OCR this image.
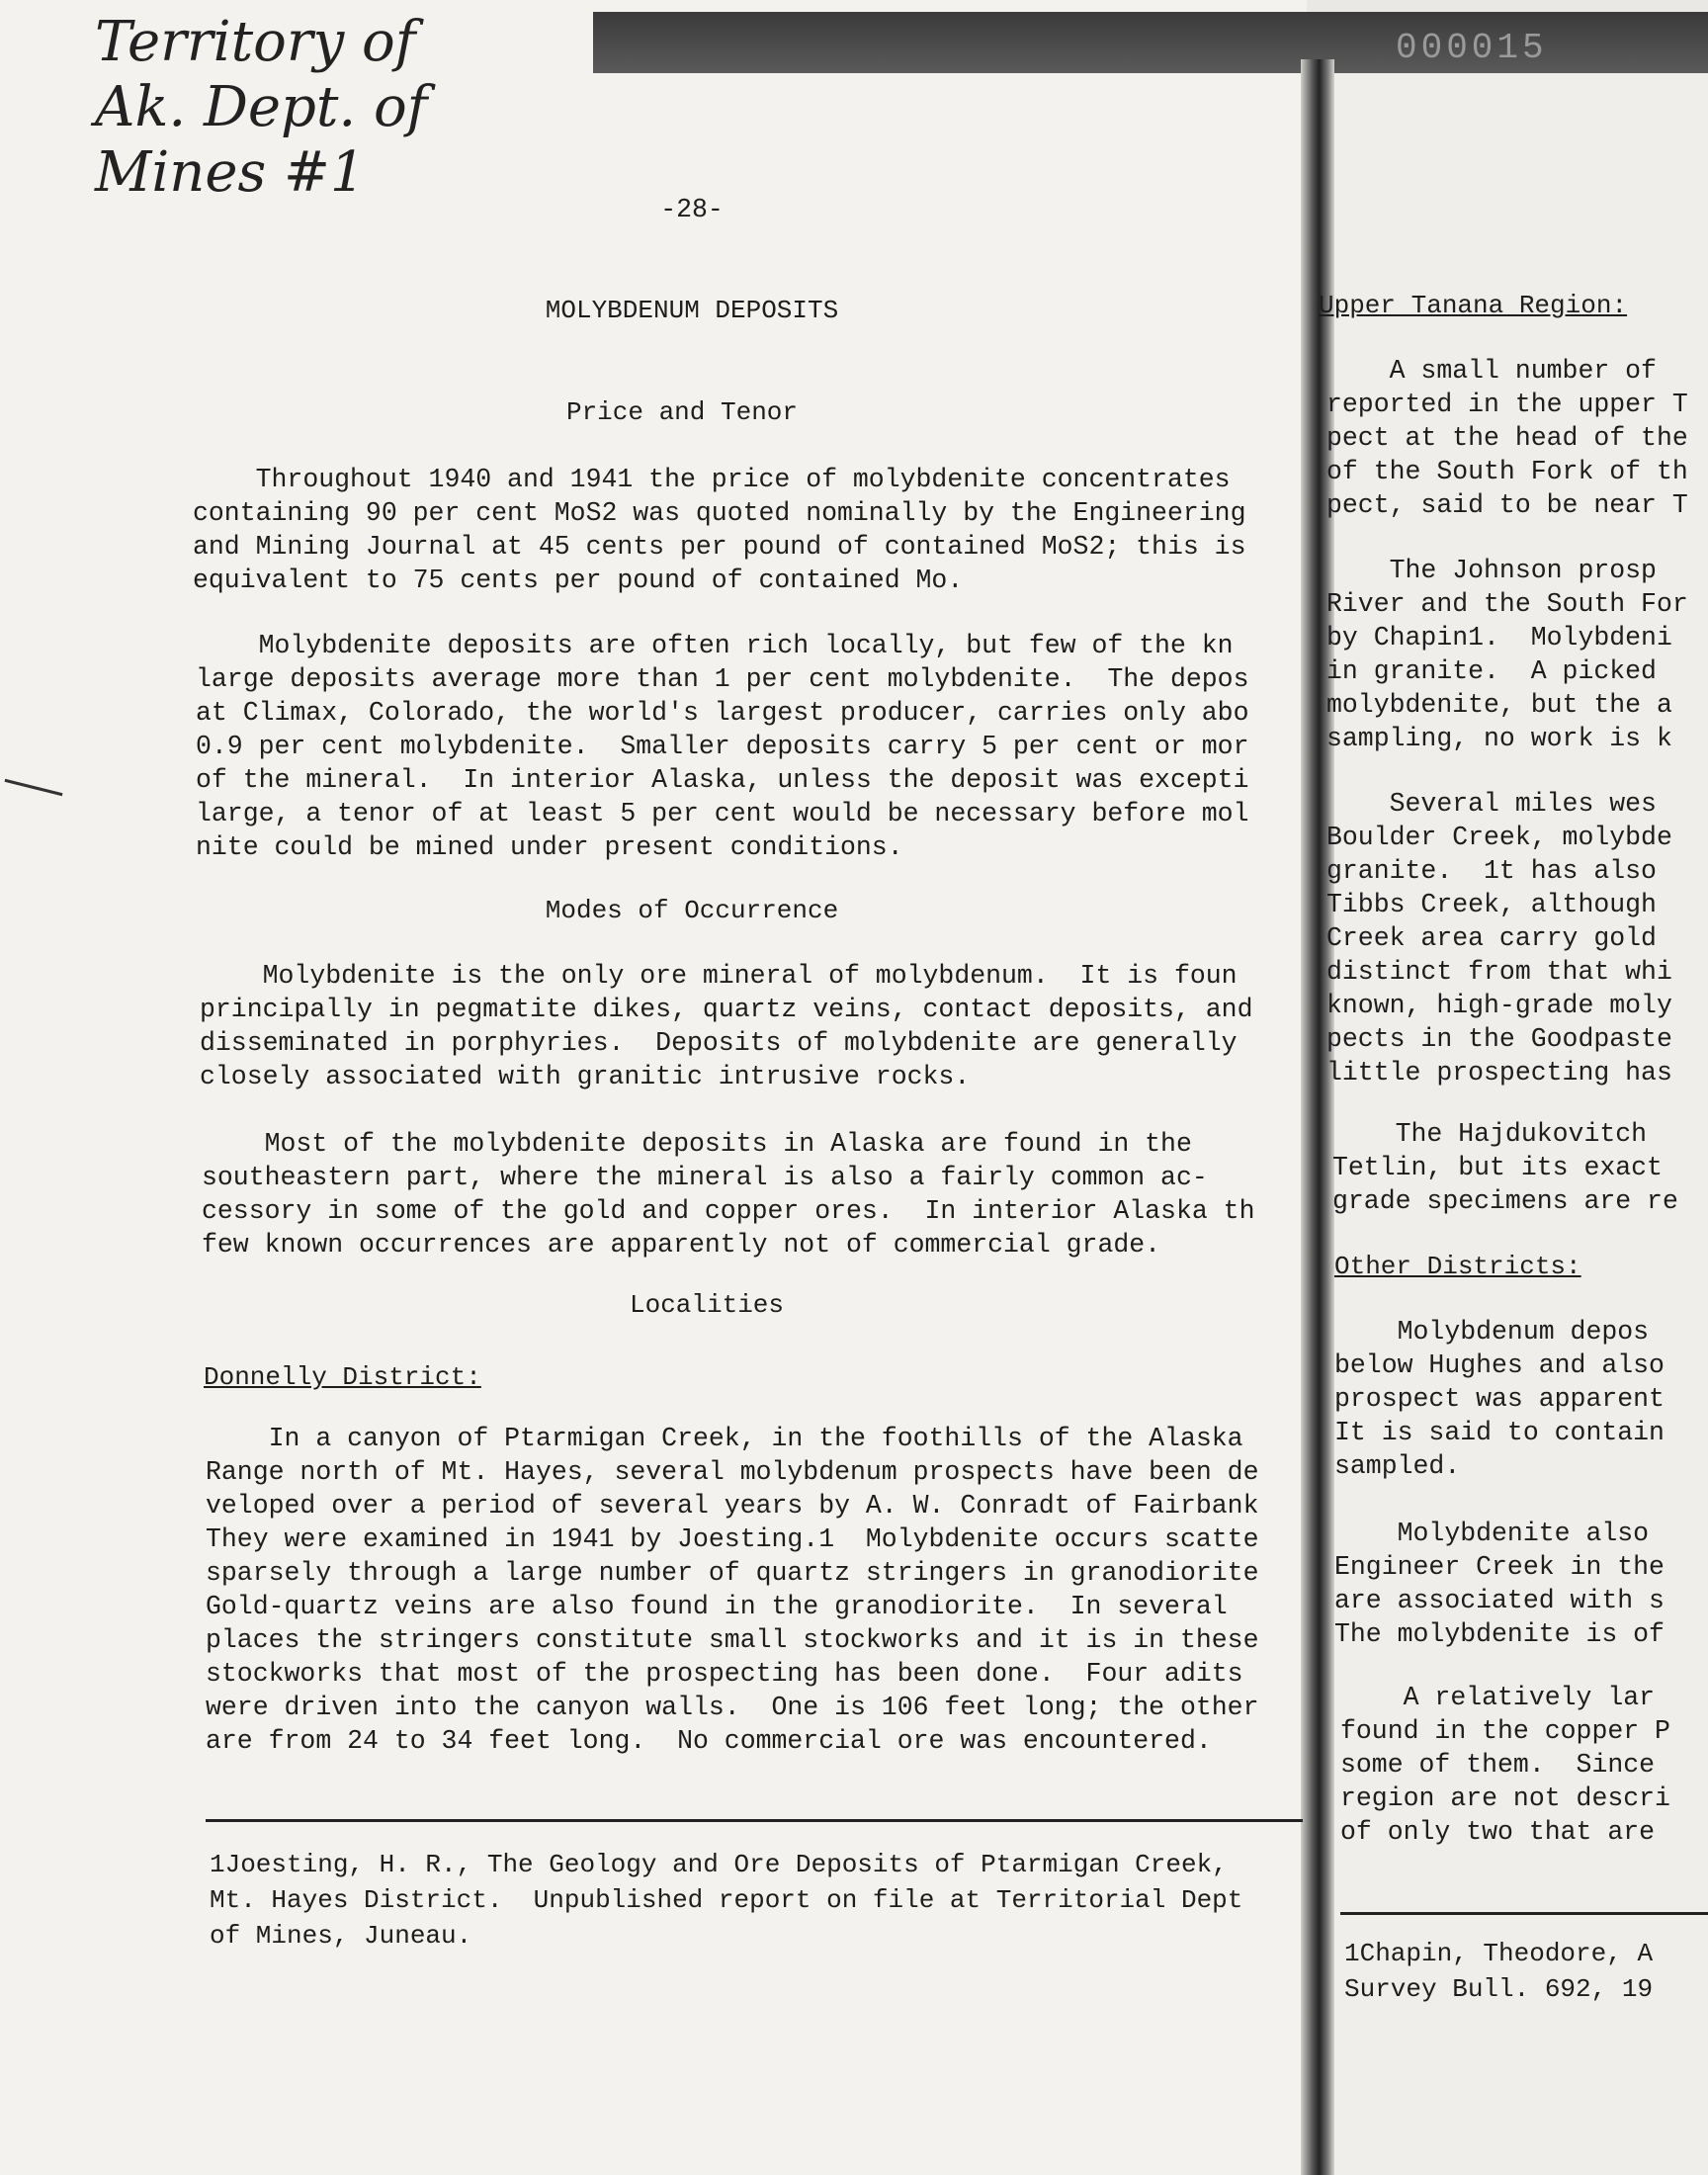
000015
Territory of
Ak. Dept. of
Mines #1
-28-
MOLYBDENUM DEPOSITS
Price and Tenor
Throughout 1940 and 1941 the price of molybdenite concentrates
containing 90 per cent MoS2 was quoted nominally by the Engineering
and Mining Journal at 45 cents per pound of contained MoS2; this is
equivalent to 75 cents per pound of contained Mo.
Molybdenite deposits are often rich locally, but few of the kn
large deposits average more than 1 per cent molybdenite.  The depos
at Climax, Colorado, the world's largest producer, carries only abo
0.9 per cent molybdenite.  Smaller deposits carry 5 per cent or mor
of the mineral.  In interior Alaska, unless the deposit was excepti
large, a tenor of at least 5 per cent would be necessary before mol
nite could be mined under present conditions.
Modes of Occurrence
Molybdenite is the only ore mineral of molybdenum.  It is foun
principally in pegmatite dikes, quartz veins, contact deposits, and
disseminated in porphyries.  Deposits of molybdenite are generally
closely associated with granitic intrusive rocks.
Most of the molybdenite deposits in Alaska are found in the
southeastern part, where the mineral is also a fairly common ac-
cessory in some of the gold and copper ores.  In interior Alaska th
few known occurrences are apparently not of commercial grade.
Localities
Donnelly District:
In a canyon of Ptarmigan Creek, in the foothills of the Alaska
Range north of Mt. Hayes, several molybdenum prospects have been de
veloped over a period of several years by A. W. Conradt of Fairbank
They were examined in 1941 by Joesting.1  Molybdenite occurs scatte
sparsely through a large number of quartz stringers in granodiorite
Gold-quartz veins are also found in the granodiorite.  In several
places the stringers constitute small stockworks and it is in these
stockworks that most of the prospecting has been done.  Four adits
were driven into the canyon walls.  One is 106 feet long; the other
are from 24 to 34 feet long.  No commercial ore was encountered.
1Joesting, H. R., The Geology and Ore Deposits of Ptarmigan Creek,
Mt. Hayes District.  Unpublished report on file at Territorial Dept
of Mines, Juneau.
Upper Tanana Region:
A small number of
reported in the upper T
pect at the head of the
of the South Fork of th
pect, said to be near T
The Johnson prosp
River and the South For
by Chapin1.  Molybdeni
in granite.  A picked
molybdenite, but the a
sampling, no work is k
Several miles wes
Boulder Creek, molybde
granite.  1t has also
Tibbs Creek, although
Creek area carry gold
distinct from that whi
known, high-grade moly
pects in the Goodpaste
little prospecting has
The Hajdukovitch
Tetlin, but its exact
grade specimens are re
Other Districts:
Molybdenum depos
below Hughes and also
prospect was apparent
It is said to contain
sampled.
Molybdenite also
Engineer Creek in the
are associated with s
The molybdenite is of
A relatively lar
found in the copper P
some of them.  Since
region are not descri
of only two that are
1Chapin, Theodore, A
Survey Bull. 692, 19
